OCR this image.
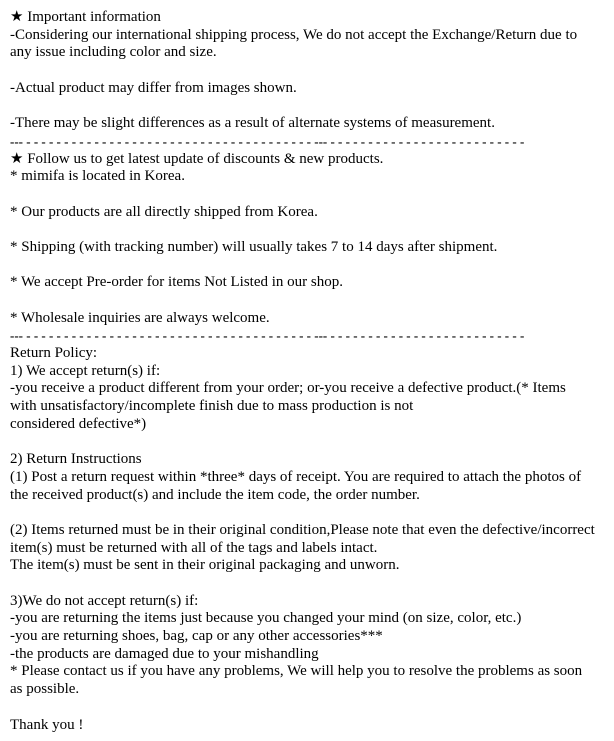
★ Important information
-Considering our international shipping process, We do not accept the Exchange/Return due to
any issue including color and size.
-Actual product may differ from images shown.
-There may be slight differences as a result of alternate systems of measurement.
--- - - - - - - - - - - - - - - - - - - - - - - - - - - - - - - - - - - - - - - --- - - - - - - - - - - - - - - - - - - - - - - - - - -
★ Follow us to get latest update of discounts & new products.
* mimifa is located in Korea.
* Our products are all directly shipped from Korea.
* Shipping (with tracking number) will usually takes 7 to 14 days after shipment.
* We accept Pre-order for items Not Listed in our shop.
* Wholesale inquiries are always welcome.
--- - - - - - - - - - - - - - - - - - - - - - - - - - - - - - - - - - - - - - - --- - - - - - - - - - - - - - - - - - - - - - - - - - -
Return Policy:
1) We accept return(s) if:
-you receive a product different from your order; or-you receive a defective product.(* Items
with unsatisfactory/incomplete finish due to mass production is not
considered defective*)
2) Return Instructions
(1) Post a return request within *three* days of receipt. You are required to attach the photos of
the received product(s) and include the item code, the order number.
(2) Items returned must be in their original condition,Please note that even the defective/incorrect
item(s) must be returned with all of the tags and labels intact.
The item(s) must be sent in their original packaging and unworn.
3)We do not accept return(s) if:
-you are returning the items just because you changed your mind (on size, color, etc.)
-you are returning shoes, bag, cap or any other accessories***
-the products are damaged due to your mishandling
* Please contact us if you have any problems, We will help you to resolve the problems as soon
as possible.
Thank you !
